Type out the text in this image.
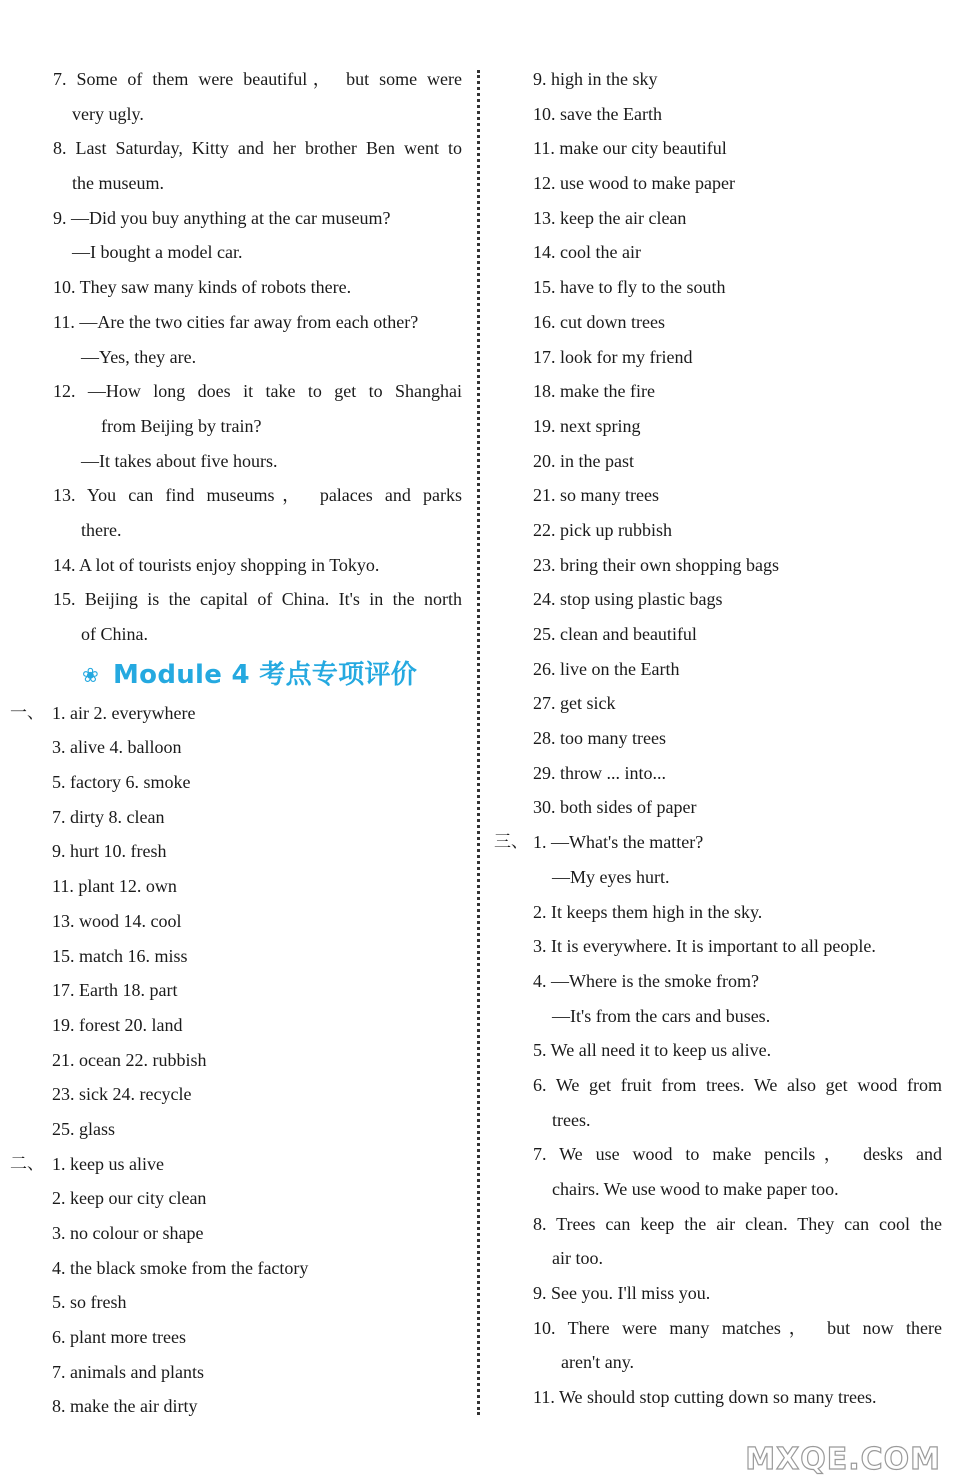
7. Some of them were beautiful， but some were
very ugly.
8. Last Saturday, Kitty and her brother Ben went to
the museum.
9. —Did you buy anything at the car museum?
—I bought a model car.
10. They saw many kinds of robots there.
11. —Are the two cities far away from each other?
—Yes, they are.
12. —How long does it take to get to Shanghai
from Beijing by train?
—It takes about five hours.
13. You can find museums， palaces and parks
there.
14. A lot of tourists enjoy shopping in Tokyo.
15. Beijing is the capital of China. It's in the north
of China.
❀ Module 4 考点专项评价
一、 1. air 2. everywhere
3. alive 4. balloon
5. factory 6. smoke
7. dirty 8. clean
9. hurt 10. fresh
11. plant 12. own
13. wood 14. cool
15. match 16. miss
17. Earth 18. part
19. forest 20. land
21. ocean 22. rubbish
23. sick 24. recycle
25. glass
二、 1. keep us alive
2. keep our city clean
3. no colour or shape
4. the black smoke from the factory
5. so fresh
6. plant more trees
7. animals and plants
8. make the air dirty
9. high in the sky
10. save the Earth
11. make our city beautiful
12. use wood to make paper
13. keep the air clean
14. cool the air
15. have to fly to the south
16. cut down trees
17. look for my friend
18. make the fire
19. next spring
20. in the past
21. so many trees
22. pick up rubbish
23. bring their own shopping bags
24. stop using plastic bags
25. clean and beautiful
26. live on the Earth
27. get sick
28. too many trees
29. throw ... into...
30. both sides of paper
三、 1. —What's the matter?
—My eyes hurt.
2. It keeps them high in the sky.
3. It is everywhere. It is important to all people.
4. —Where is the smoke from?
—It's from the cars and buses.
5. We all need it to keep us alive.
6. We get fruit from trees. We also get wood from
trees.
7. We use wood to make pencils， desks and
chairs. We use wood to make paper too.
8. Trees can keep the air clean. They can cool the
air too.
9. See you. I'll miss you.
10. There were many matches， but now there
aren't any.
11. We should stop cutting down so many trees.
MXQE.COM
